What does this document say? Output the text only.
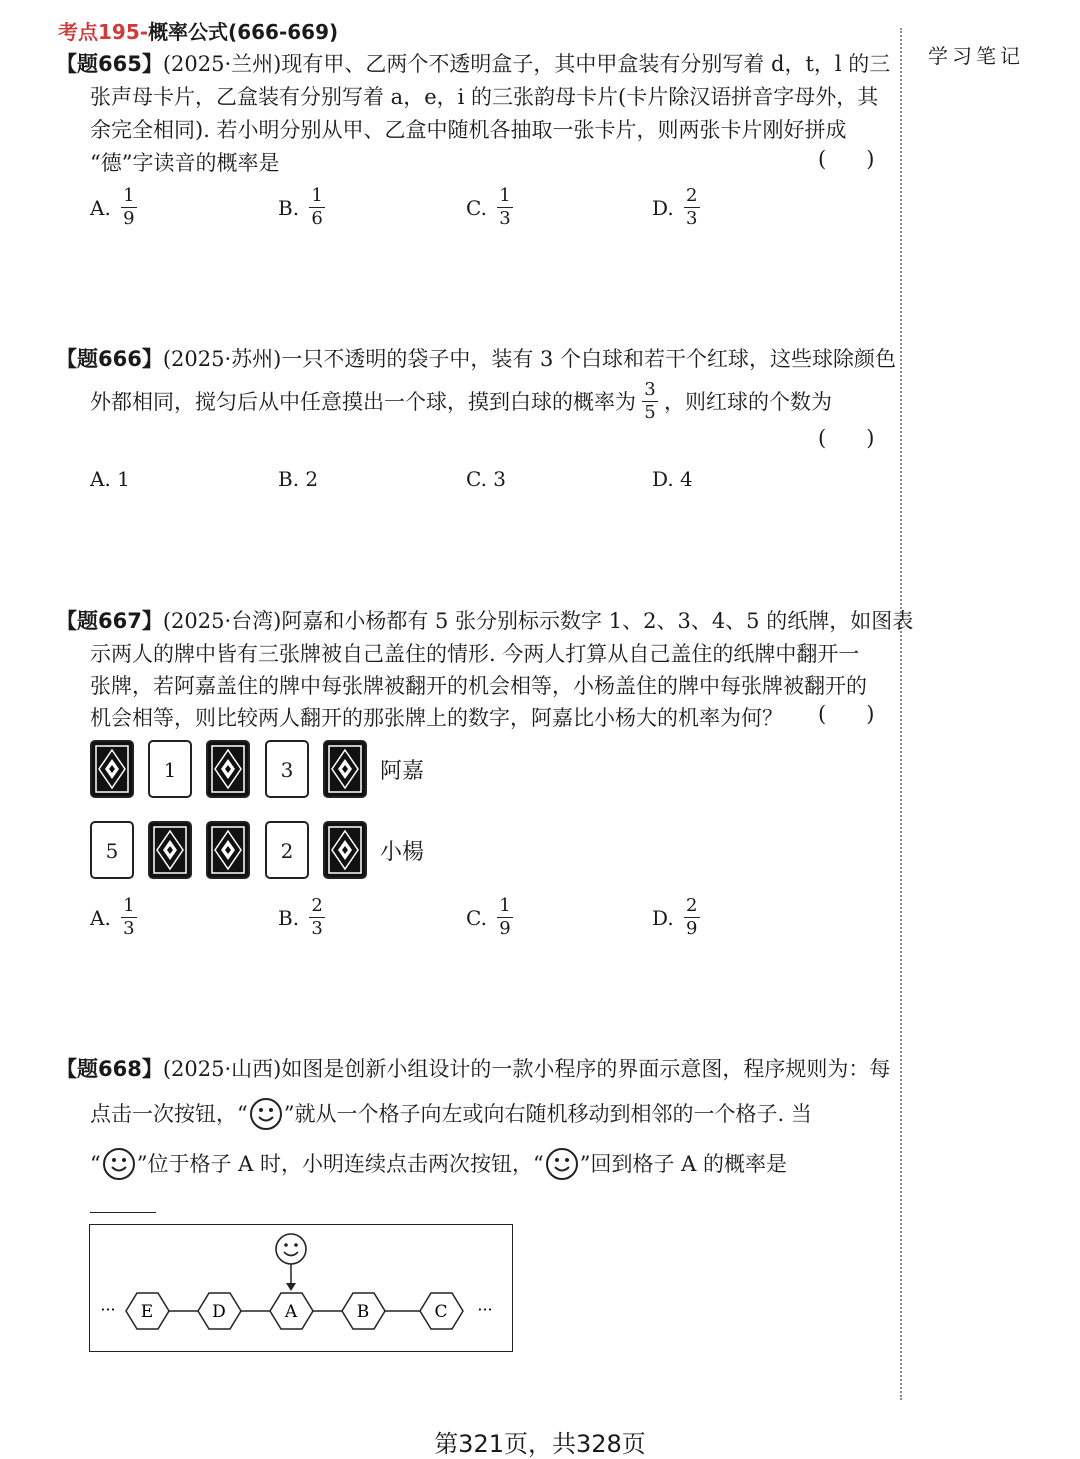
考点195-概率公式(666-669)
学习笔记
【题665】(2025·兰州)现有甲、乙两个不透明盒子，其中甲盒装有分别写着 d，t，l 的三
张声母卡片，乙盒装有分别写着 a，e，i 的三张韵母卡片(卡片除汉语拼音字母外，其
余完全相同). 若小明分别从甲、乙盒中随机各抽取一张卡片，则两张卡片刚好拼成
“德”字读音的概率是	(      )
A. $\frac{1}{9}$	B. $\frac{1}{6}$	C. $\frac{1}{3}$	D. $\frac{2}{3}$
【题666】(2025·苏州)一只不透明的袋子中，装有 3 个白球和若干个红球，这些球除颜色
外都相同，搅匀后从中任意摸出一个球，摸到白球的概率为 $\frac{3}{5}$ ，则红球的个数为
(      )
A. 1	B. 2	C. 3	D. 4
【题667】(2025·台湾)阿嘉和小杨都有 5 张分别标示数字 1、2、3、4、5 的纸牌，如图表
示两人的牌中皆有三张牌被自己盖住的情形. 今两人打算从自己盖住的纸牌中翻开一
张牌，若阿嘉盖住的牌中每张牌被翻开的机会相等，小杨盖住的牌中每张牌被翻开的
机会相等，则比较两人翻开的那张牌上的数字，阿嘉比小杨大的机率为何？ (      )
1	3	阿嘉
5	2	小楊
A. $\frac{1}{3}$	B. $\frac{2}{3}$	C. $\frac{1}{9}$	D. $\frac{2}{9}$
【题668】(2025·山西)如图是创新小组设计的一款小程序的界面示意图，程序规则为：每
点击一次按钮，“ ”就从一个格子向左或向右随机移动到相邻的一个格子. 当
“ ”位于格子 A 时，小明连续点击两次按钮，“ ”回到格子 A 的概率是
E	D	A	B	C
···	···
第321页，共328页
